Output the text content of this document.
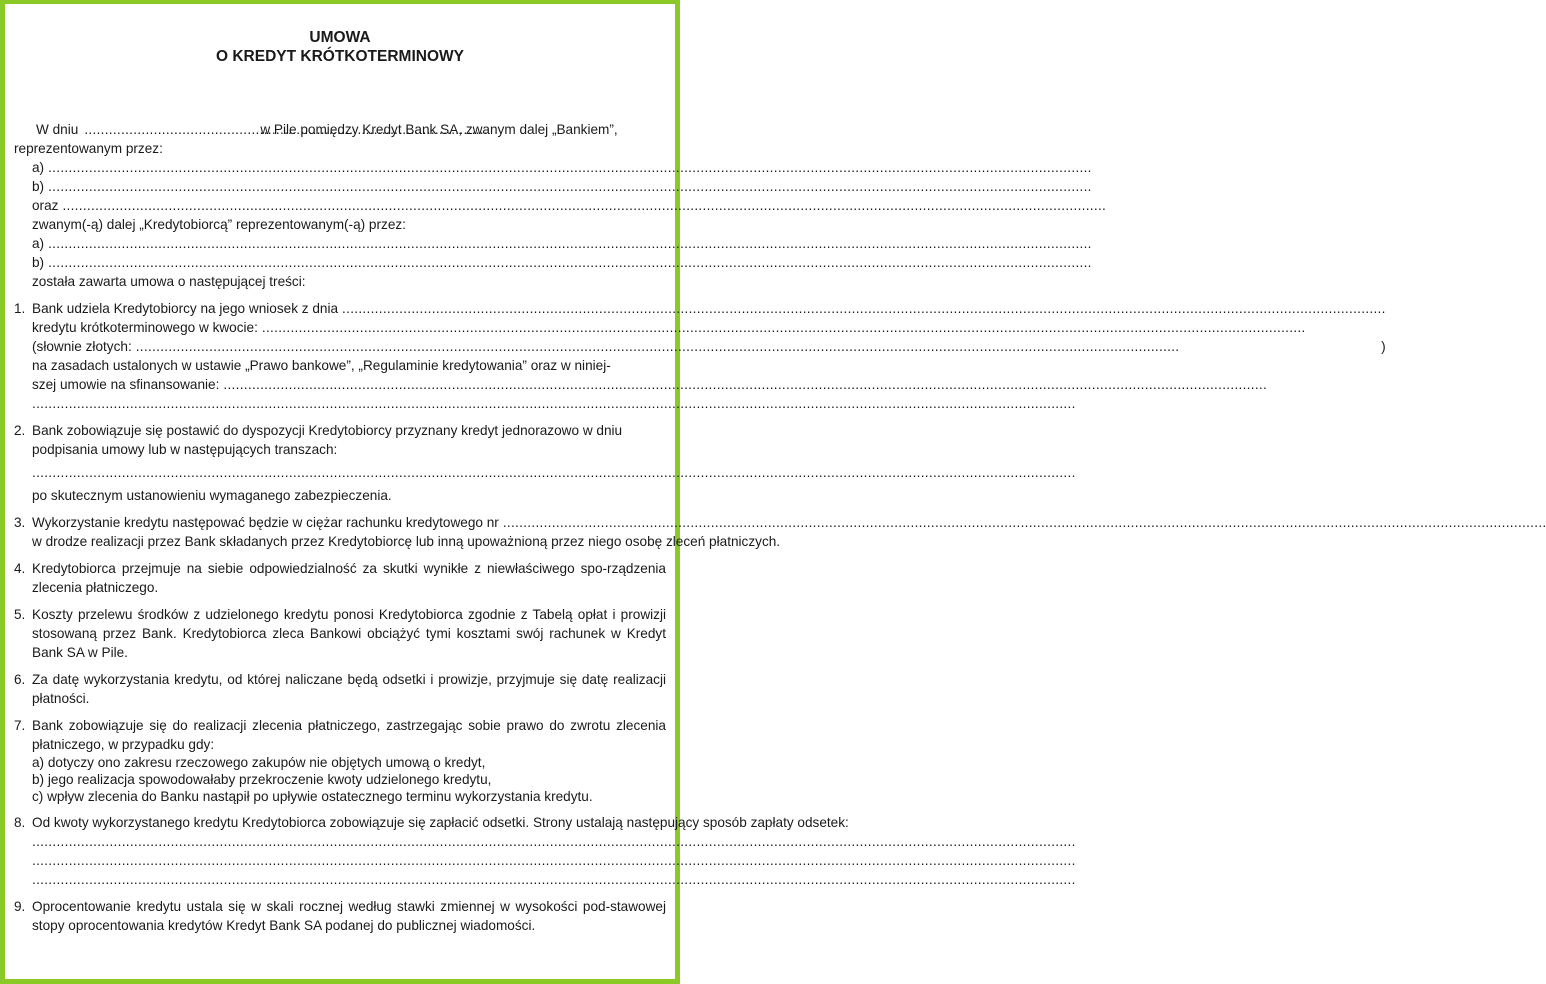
UMOWA
O KREDYT KRÓTKOTERMINOWY
W dniu .....	w Pile pomiędzy Kredyt Bank SA, zwanym dalej „Bankiem”,
reprezentowanym przez:
a)
.....
b)
.....
oraz
.....
zwanym(-ą) dalej „Kredytobiorcą” reprezentowanym(-ą) przez:
a)
.....
b)
.....
została zawarta umowa o następującej treści:
1. Bank udziela Kredytobiorcy na jego wniosek z dnia
.....
kredytu krótkoterminowego w kwocie:
.....
(słownie złotych: .....	)
na zasadach ustalonych w ustawie „Prawo bankowe”, „Regulaminie kredytowania” oraz w niniej-
szej umowie na sfinansowanie:
.....
.....
2. Bank zobowiązuje się postawić do dyspozycji Kredytobiorcy przyznany kredyt jednorazowo w dniu
podpisania umowy lub w następujących transzach:
.....
po skutecznym ustanowieniu wymaganego zabezpieczenia.
3. Wykorzystanie kredytu następować będzie w ciężar rachunku kredytowego nr
.....
w drodze realizacji przez Bank składanych przez Kredytobiorcę lub inną upoważnioną przez niego osobę zleceń płatniczych.
4. Kredytobiorca przejmuje na siebie odpowiedzialność za skutki wynikłe z niewłaściwego spo-rządzenia zlecenia płatniczego.
5. Koszty przelewu środków z udzielonego kredytu ponosi Kredytobiorca zgodnie z Tabelą opłat i prowizji stosowaną przez Bank. Kredytobiorca zleca Bankowi obciążyć tymi kosztami swój rachunek w Kredyt Bank SA w Pile.
6. Za datę wykorzystania kredytu, od której naliczane będą odsetki i prowizje, przyjmuje się datę realizacji płatności.
7. Bank zobowiązuje się do realizacji zlecenia płatniczego, zastrzegając sobie prawo do zwrotu zlecenia płatniczego, w przypadku gdy:
a) dotyczy ono zakresu rzeczowego zakupów nie objętych umową o kredyt,
b) jego realizacja spowodowałaby przekroczenie kwoty udzielonego kredytu,
c) wpływ zlecenia do Banku nastąpił po upływie ostatecznego terminu wykorzystania kredytu.
8. Od kwoty wykorzystanego kredytu Kredytobiorca zobowiązuje się zapłacić odsetki. Strony ustalają następujący sposób zapłaty odsetek:
.....
.....
.....
9. Oprocentowanie kredytu ustala się w skali rocznej według stawki zmiennej w wysokości pod-stawowej stopy oprocentowania kredytów Kredyt Bank SA podanej do publicznej wiadomości.
